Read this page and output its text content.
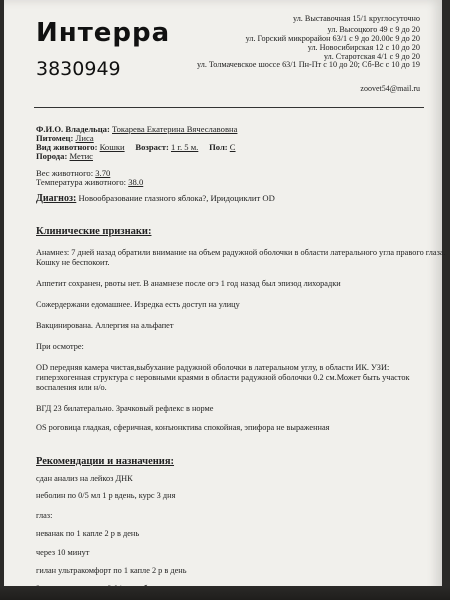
Интерра
3830949
ул. Выставочная 15/1 круглосуточно
ул. Высоцкого 49 с 9 до 20
ул. Горский микрорайон 63/1 с 9 до 20.00с 9 до 20
ул. Новосибирская 12 с 10 до 20
ул. Старотская 4/1 с 9 до 20
ул. Толмачевское шоссе 63/1 Пн-Пт с 10 до 20; Сб-Вс с 10 до 19
zoovet54@mail.ru
Ф.И.О. Владельца: Токарева Екатерина Вячеславовна
Питомец: Лиса
Вид животного: Кошки Возраст: 1 г. 5 м. Пол: С
Порода: Метис
Вес животного: 3.70
Температура животного: 38.0
Диагноз: Новообразование глазного яблока?, Иридоциклит OD
Клинические признаки:
Анамнез: 7 дней назад обратили внимание на объем радужной оболочки в области латерального угла правого глаза.
Кошку не беспокоит.
Аппетит сохранен, рвоты нет. В анамнезе после огэ 1 год назад был эпизод лихорадки
Сожердержани едомашнее. Изредка есть доступ на улицу
Вакцинирована. Аллергия на альфапет
При осмотре:
OD передняя камера чистая,выбухание радужной оболочки в латеральном углу, в области ИК. УЗИ:
гиперэхогенная структура с неровными краями в области радужной оболочки 0.2 см.Может быть участок
воспаления или н/о.
ВГД 23 билатерально. Зрачковый рефлекс в норме
OS роговица гладкая, сферичная, конъюнктива спокойная, эпифора не выраженная
Рекомендации и назначения:
сдан анализ на лейкоз ДНК
неболин по 0/5 мл 1 р вдень, курс 3 дня
глаз:
неванак по 1 капле 2 р в день
через 10 минут
гилан ультракомфорт по 1 капле 2 р в день
